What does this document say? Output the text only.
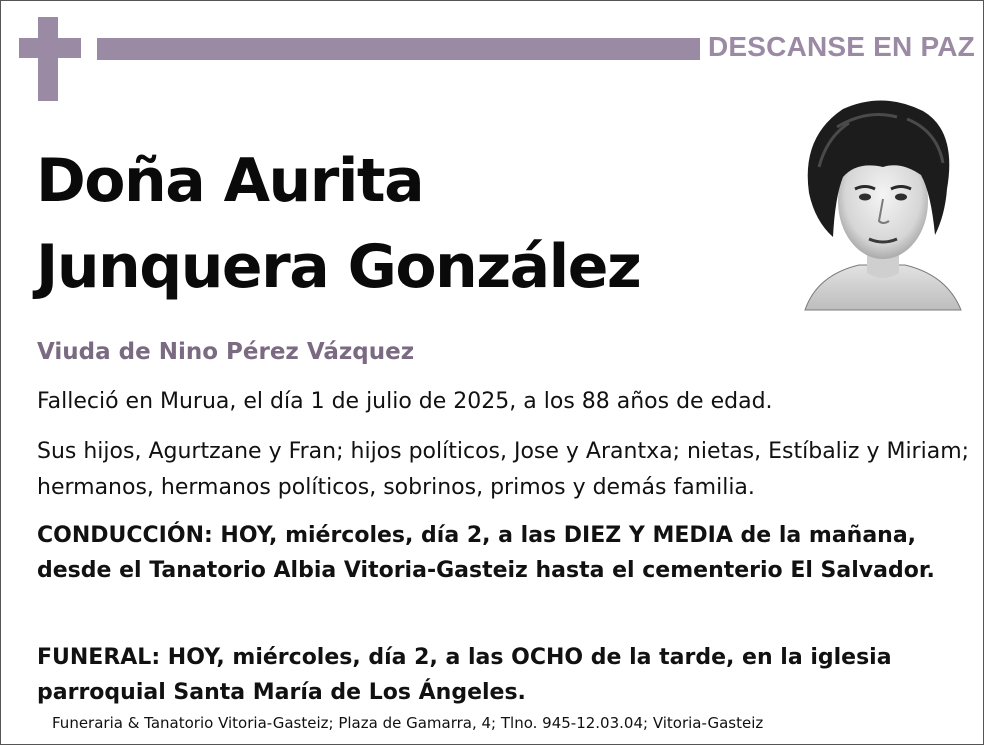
DESCANSE EN PAZ
Doña Aurita
Junquera González
Viuda de Nino Pérez Vázquez
Falleció en Murua, el día 1 de julio de 2025, a los 88 años de edad.
Sus hijos, Agurtzane y Fran; hijos políticos, Jose y Arantxa; nietas, Estíbaliz y Miriam; hermanos, hermanos políticos, sobrinos, primos y demás familia.
CONDUCCIÓN: HOY, miércoles, día 2, a las DIEZ Y MEDIA de la mañana, desde el Tanatorio Albia Vitoria-Gasteiz hasta el cementerio El Salvador.
FUNERAL: HOY, miércoles, día 2, a las OCHO de la tarde, en la iglesia parroquial Santa María de Los Ángeles.
Funeraria & Tanatorio Vitoria-Gasteiz; Plaza de Gamarra, 4; Tlno. 945-12.03.04; Vitoria-Gasteiz
